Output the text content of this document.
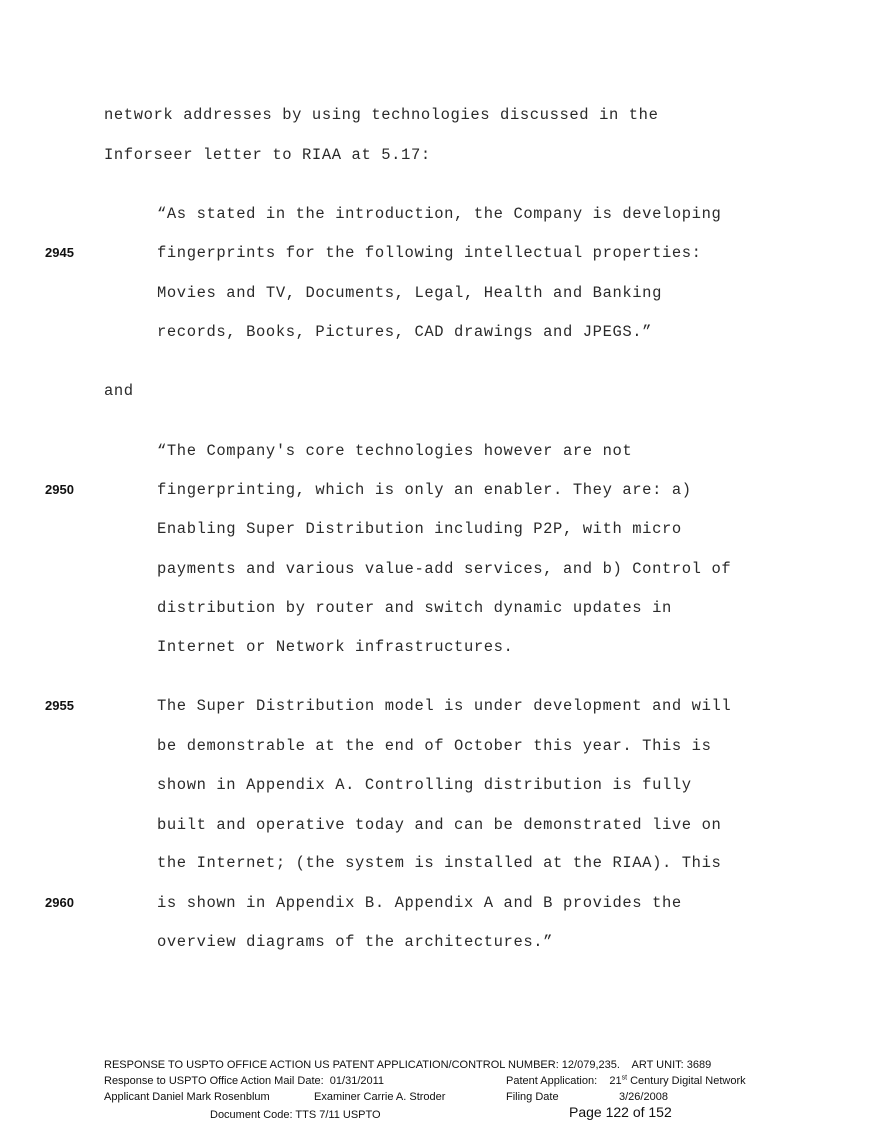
network addresses by using technologies discussed in the
Inforseer letter to RIAA at 5.17:
“As stated in the introduction, the Company is developing
2945	fingerprints for the following intellectual properties:
Movies and TV, Documents, Legal, Health and Banking
records, Books, Pictures, CAD drawings and JPEGS.”
and
“The Company's core technologies however are not
2950	fingerprinting, which is only an enabler. They are: a)
Enabling Super Distribution including P2P, with micro
payments and various value-add services, and b) Control of
distribution by router and switch dynamic updates in
Internet or Network infrastructures.
2955	The Super Distribution model is under development and will
be demonstrable at the end of October this year. This is
shown in Appendix A. Controlling distribution is fully
built and operative today and can be demonstrated live on
the Internet; (the system is installed at the RIAA). This
2960	is shown in Appendix B. Appendix A and B provides the
overview diagrams of the architectures.”
RESPONSE TO USPTO OFFICE ACTION US PATENT APPLICATION/CONTROL NUMBER: 12/079,235.    ART UNIT: 3689
Response to USPTO Office Action Mail Date:  01/31/2011	Patent Application:    21st Century Digital Network
Applicant Daniel Mark Rosenblum	Examiner Carrie A. Stroder	Filing Date	3/26/2008
Document Code: TTS 7/11 USPTO	Page 122 of 152
